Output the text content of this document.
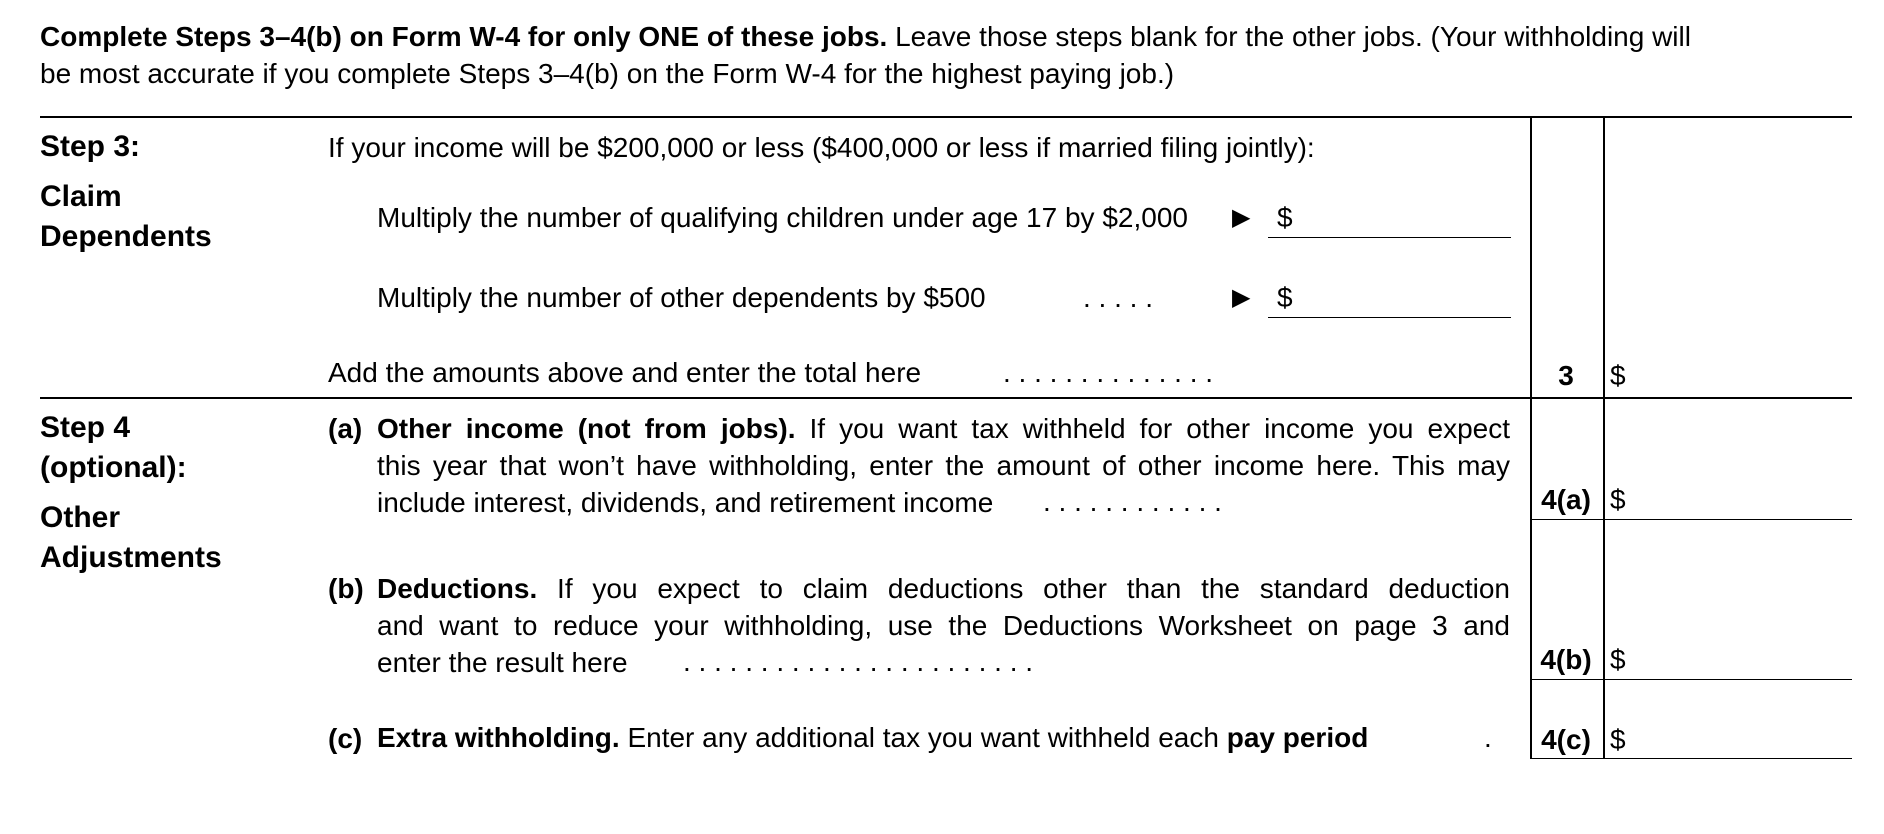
Complete Steps 3–4(b) on Form W-4 for only ONE of these jobs. Leave those steps blank for the other jobs. (Your withholding will
be most accurate if you complete Steps 3–4(b) on the Form W-4 for the highest paying job.)
Step 3:
Claim
Dependents
If your income will be $200,000 or less ($400,000 or less if married filing jointly):
Multiply the number of qualifying children under age 17 by $2,000 ▶ $
Multiply the number of other dependents by $500	. . . . .	▶ $
Add the amounts above and enter the total here	. . . . . . . . . . . . . .	3	$
Step 4
(optional):
Other
Adjustments
(a) Other income (not from jobs). If you want tax withheld for other income you expect
this year that won’t have withholding, enter the amount of other income here. This may
include interest, dividends, and retirement income	. . . . . . . . . . . .	4(a) $
(b) Deductions. If you expect to claim deductions other than the standard deduction
and want to reduce your withholding, use the Deductions Worksheet on page 3 and
enter the result here	. . . . . . . . . . . . . . . . . . . . . . .	4(b) $
(c) Extra withholding. Enter any additional tax you want withheld each pay period	.	4(c) $
